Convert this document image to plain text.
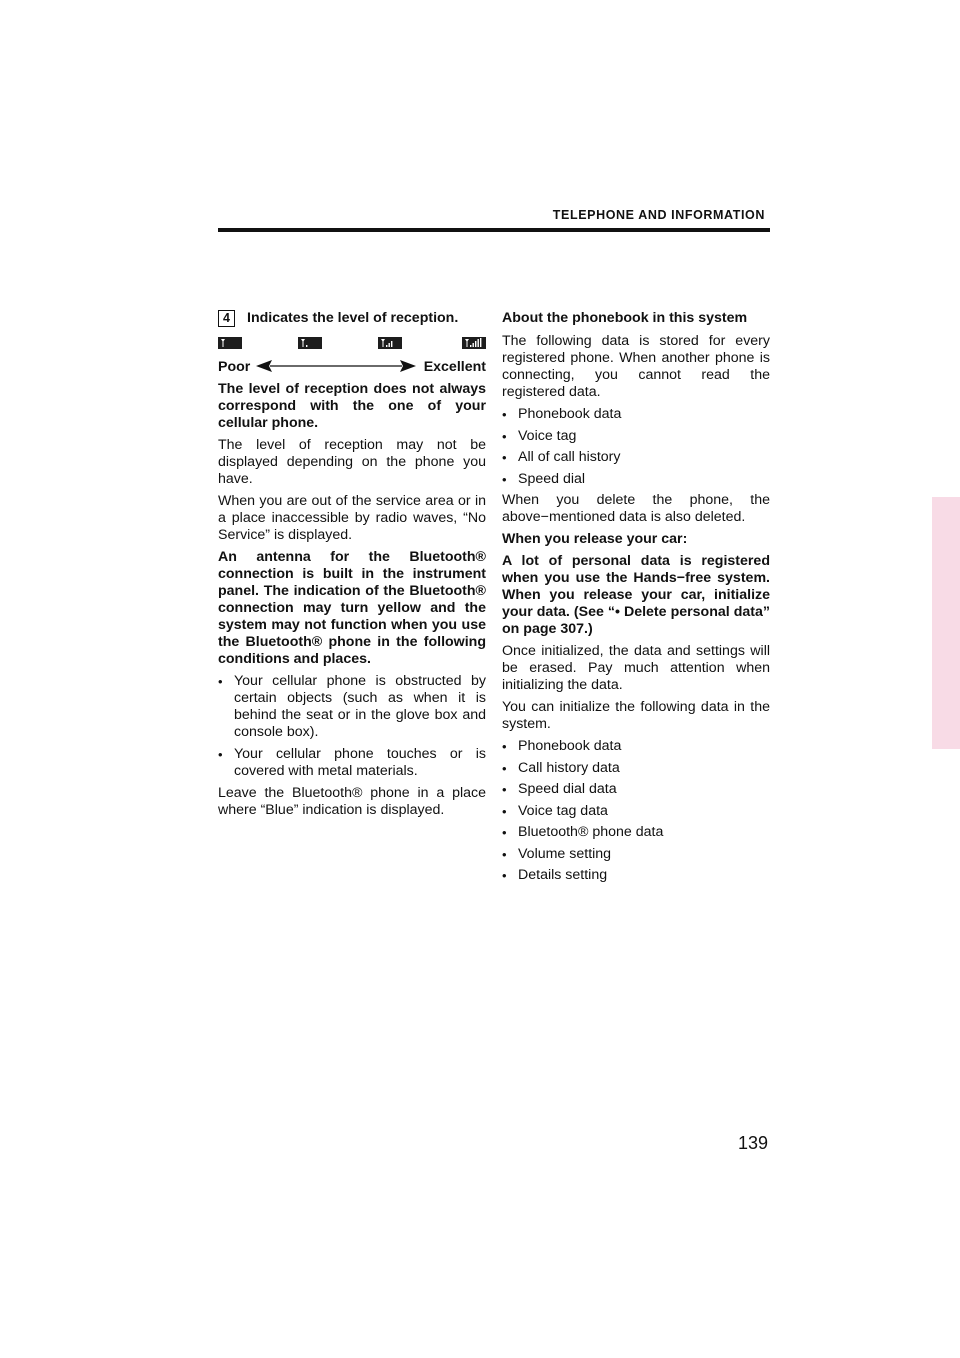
TELEPHONE AND INFORMATION
4	Indicates the level of reception.
Poor	Excellent

The level of reception does not always correspond with the one of your cellular phone.

The level of reception may not be displayed depending on the phone you have.

When you are out of the service area or in a place inaccessible by radio waves, “No Service” is displayed.

An antenna for the Bluetooth® connection is built in the instrument panel. The indication of the Bluetooth® connection may turn yellow and the system may not function when you use the Bluetooth® phone in the following conditions and places.

• Your cellular phone is obstructed by certain objects (such as when it is behind the seat or in the glove box and console box).
• Your cellular phone touches or is covered with metal materials.

Leave the Bluetooth® phone in a place where “Blue” indication is displayed.

About the phonebook in this system

The following data is stored for every registered phone. When another phone is connecting, you cannot read the registered data.

• Phonebook data
• Voice tag
• All of call history
• Speed dial

When you delete the phone, the above−mentioned data is also deleted.

When you release your car:

A lot of personal data is registered when you use the Hands−free system. When you release your car, initialize your data. (See “• Delete personal data” on page 307.)

Once initialized, the data and settings will be erased. Pay much attention when initializing the data.

You can initialize the following data in the system.

• Phonebook data
• Call history data
• Speed dial data
• Voice tag data
• Bluetooth® phone data
• Volume setting
• Details setting
139
